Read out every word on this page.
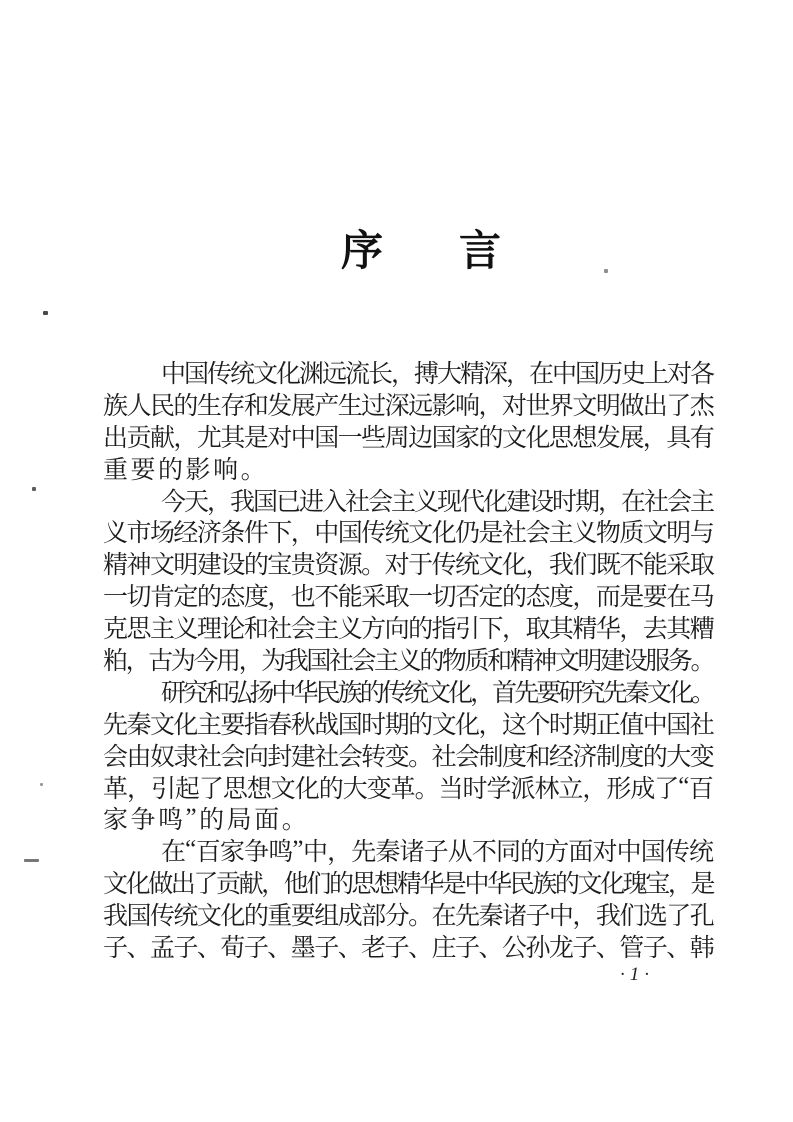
序言
中
国
传
统
文
化
渊
远
流
长
，
搏
大
精
深
，
在
中
国
历
史
上
对
各
族
人
民
的
生
存
和
发
展
产
生
过
深
远
影
响
，
对
世
界
文
明
做
出
了
杰
出
贡
献
，
尤
其
是
对
中
国
一
些
周
边
国
家
的
文
化
思
想
发
展
，
具
有
重 要 的 影 响 。
今
天
，
我
国
已
进
入
社
会
主
义
现
代
化
建
设
时
期
，
在
社
会
主
义
市
场
经
济
条
件
下
，
中
国
传
统
文
化
仍
是
社
会
主
义
物
质
文
明
与
精
神
文
明
建
设
的
宝
贵
资
源
。
对
于
传
统
文
化
，
我
们
既
不
能
采
取
一
切
肯
定
的
态
度
，
也
不
能
采
取
一
切
否
定
的
态
度
，
而
是
要
在
马
克
思
主
义
理
论
和
社
会
主
义
方
向
的
指
引
下
，
取
其
精
华
，
去
其
糟
粕
，
古
为
今
用
，
为
我
国
社
会
主
义
的
物
质
和
精
神
文
明
建
设
服
务
。
研
究
和
弘
扬
中
华
民
族
的
传
统
文
化
，
首
先
要
研
究
先
秦
文
化
。
先
秦
文
化
主
要
指
春
秋
战
国
时
期
的
文
化
，
这
个
时
期
正
值
中
国
社
会
由
奴
隶
社
会
向
封
建
社
会
转
变
。
社
会
制
度
和
经
济
制
度
的
大
变
革
，
引
起
了
思
想
文
化
的
大
变
革
。
当
时
学
派
林
立
，
形
成
了
“ 百
家 争 鸣 ” 的 局 面 。
在 “ 百 家 争 鸣 ” 中 ， 先 秦 诸 子 从 不 同 的 方 面 对 中 国 传 统
文
化
做
出
了
贡
献
，
他
们
的
思
想
精
华
是
中
华
民
族
的
文
化
瑰
宝
，
是
我
国
传
统
文
化
的
重
要
组
成
部
分
。
在
先
秦
诸
子
中
，
我
们
选
了
孔
子
、
孟
子
、
荀
子
、
墨
子
、
老
子
、
庄
子
、
公
孙
龙
子
、
管
子
、
韩
·1·
